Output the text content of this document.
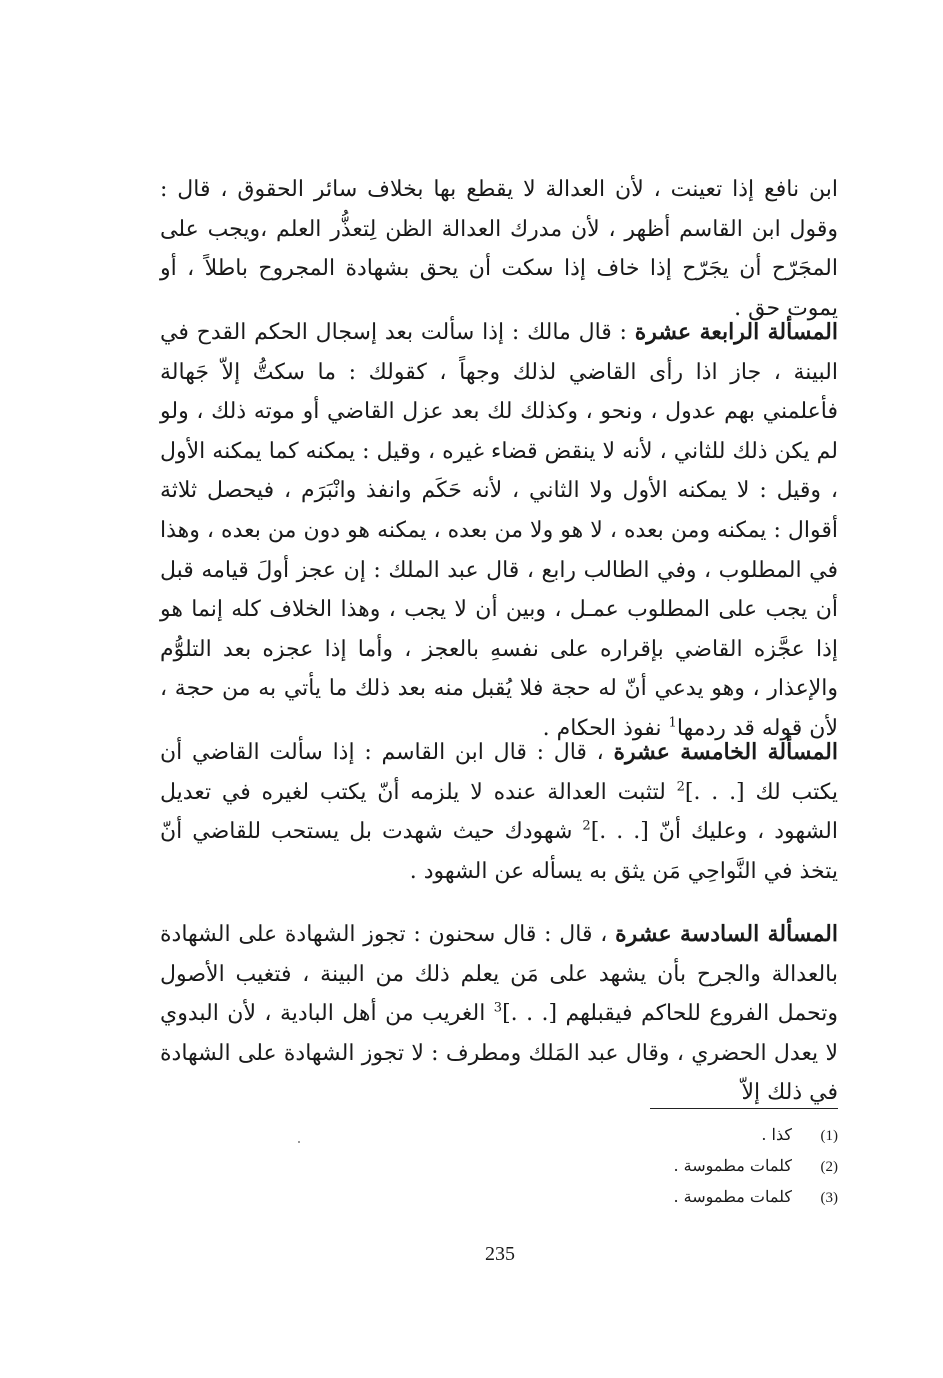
ابن نافع إذا تعينت ، لأن العدالة لا يقطع بها بخلاف سائر الحقوق ، قال : وقول ابن القاسم أظهر ، لأن مدرك العدالة الظن لِتعذُّر العلم ،ويجب على المجَرّح أن يجَرّح إذا خاف إذا سكت أن يحق بشهادة المجروح باطلاً ، أو يموت حق .

المسألة الرابعة عشرة : قال مالك : إذا سألت بعد إسجال الحكم القدح في البينة ، جاز اذا رأى القاضي لذلك وجهاً ، كقولك : ما سكتُّ إلاّ جَهالة فأعلمني بهم عدول ، ونحو ، وكذلك لك بعد عزل القاضي أو موته ذلك ، ولو لم يكن ذلك للثاني ، لأنه لا ينقض قضاء غيره ، وقيل : يمكنه كما يمكنه الأول ، وقيل : لا يمكنه الأول ولا الثاني ، لأنه حَكَم وانفذ وانْبَرَم ، فيحصل ثلاثة أقوال : يمكنه ومن بعده ، لا هو ولا من بعده ، يمكنه هو دون من بعده ، وهذا في المطلوب ، وفي الطالب رابع ، قال عبد الملك : إن عجز أولَ قيامه قبل أن يجب على المطلوب عمـل ، وبين أن لا يجب ، وهذا الخلاف كله إنما هو إذا عجَّزه القاضي بإقراره على نفسهِ بالعجز ، وأما إذا عجزه بعد التلوُّم والإعذار ، وهو يدعي أنّ له حجة فلا يُقبل منه بعد ذلك ما يأتي به من حجة ، لأن قوله قد ردمها$^1$ نفوذ الحكام .

المسألة الخامسة عشرة ، قال : قال ابن القاسم : إذا سألت القاضي أن يكتب لك [. . .]$^2$ لتثبت العدالة عنده لا يلزمه أنّ يكتب لغيره في تعديل الشهود ، وعليك أنّ [. . .]$^2$ شهودك حيث شهدت بل يستحب للقاضي أنّ يتخذ في النَّواحِي مَن يثق به يسأله عن الشهود .

المسألة السادسة عشرة ، قال : قال سحنون : تجوز الشهادة على الشهادة بالعدالة والجرح بأن يشهد على مَن يعلم ذلك من البينة ، فتغيب الأصول وتحمل الفروع للحاكم فيقبلهم [. . .]$^3$ الغريب من أهل البادية ، لأن البدوي لا يعدل الحضري ، وقال عبد المَلك ومطرف : لا تجوز الشهادة على الشهادة في ذلك إلاّ

(1)كذا .
(2)كلمات مطموسة .
(3)كلمات مطموسة .
235
